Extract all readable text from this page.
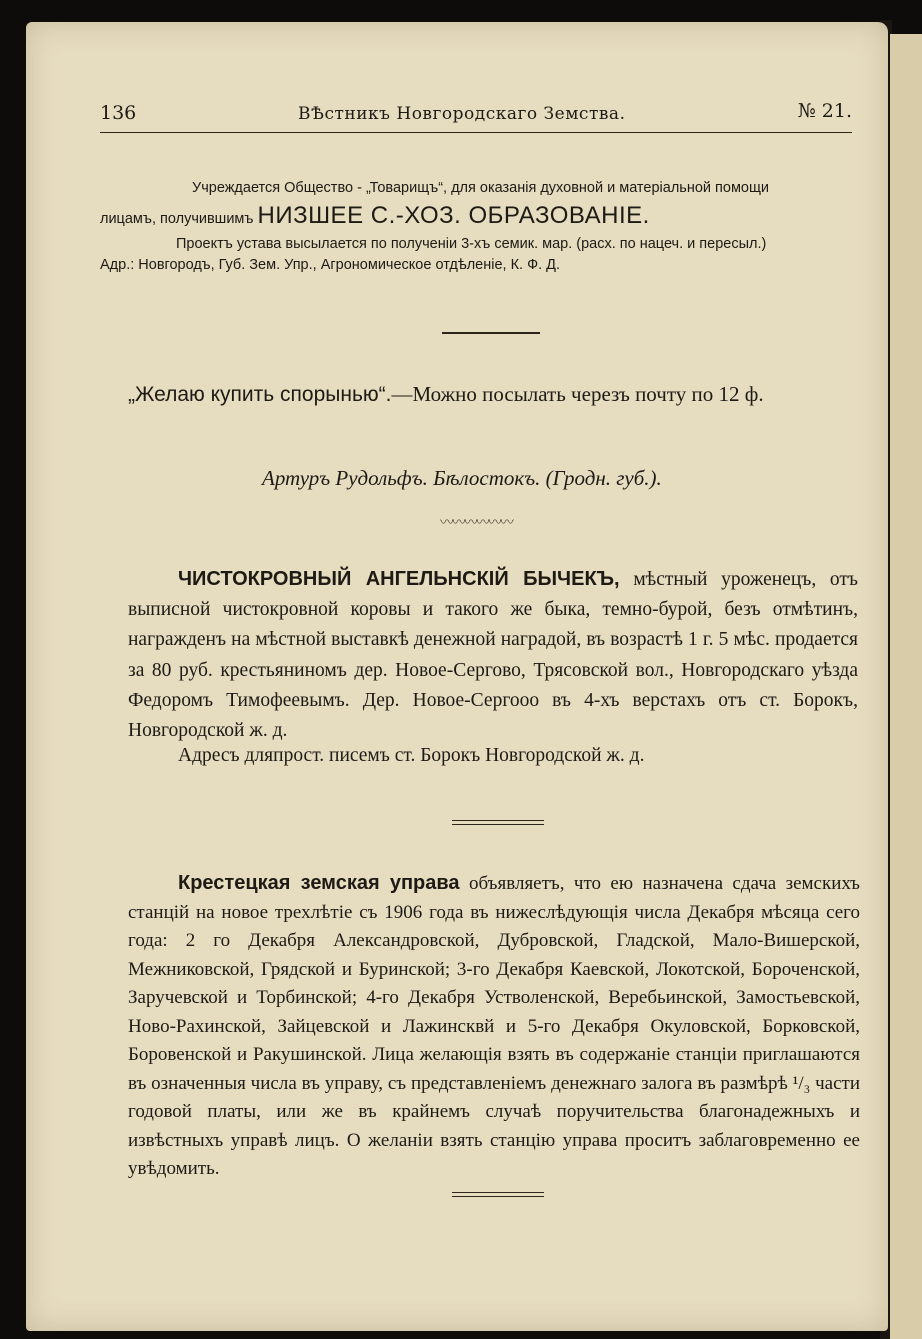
136	ВѢстникъ Новгородскаго Земства.	№ 21.
Учреждается Общество - „Товарищъ“, для оказанія духовной и матеріальной помощи
лицамъ, получившимъ НИЗШЕЕ С.-ХОЗ. ОБРАЗОВАНІЕ.
Проектъ устава высылается по полученіи 3-хъ семик. мар. (расх. по нацеч. и пересыл.)
Адр.: Новгородъ, Губ. Зем. Упр., Агрономическое отдѣленіе, К. Ф. Д.
„Желаю купить спорынью“.—Можно посылать черезъ почту по 12 ф.
Артуръ Рудольфъ. Бѣлостокъ. (Гродн. губ.).
〰〰〰〰〰〰
ЧИСТОКРОВНЫЙ АНГЕЛЬНСКІЙ БЫЧЕКЪ, мѣстный уроженецъ, отъ выписной чистокровной коровы и такого же быка, темно-бурой, безъ отмѣтинъ, награжденъ на мѣстной выставкѣ денежной наградой, въ возрастѣ 1 г. 5 мѣс. продается за 80 руб. крестьяниномъ дер. Новое-Сергово, Трясовской вол., Новгородскаго уѣзда Федоромъ Тимофеевымъ. Дер. Новое-Сергоoо въ 4-хъ верстахъ отъ ст. Борокъ, Новгородской ж. д.
Адресъ дляпрост. писемъ ст. Борокъ Новгородской ж. д.
Крестецкая земская управа объявляетъ, что ею назначена сдача земскихъ станцій на новое трехлѣтіе съ 1906 года въ нижеслѣдующія числа Декабря мѣсяца сего года: 2 го Декабря Александровской, Дубровской, Гладской, Мало-Вишерской, Межниковской, Грядской и Буринской; 3-го Декабря Каевской, Локотской, Бороченской, Заручевской и Торбинской; 4-го Декабря Устволенской, Веребьинской, Замостьевской, Ново-Рахинской, Зайцевской и Лажинсквй и 5-го Декабря Окуловской, Борковской, Боровенской и Ракушинской. Лица желающія взять въ содержаніе станціи приглашаются въ означенныя числа въ управу, съ представленіемъ денежнаго залога въ размѣрѣ ¹/₃ части годовой платы, или же въ крайнемъ случаѣ поручительства благонадежныхъ и извѣстныхъ управѣ лицъ. О желаніи взять станцію управа проситъ заблаговременно ее увѣдомить.
